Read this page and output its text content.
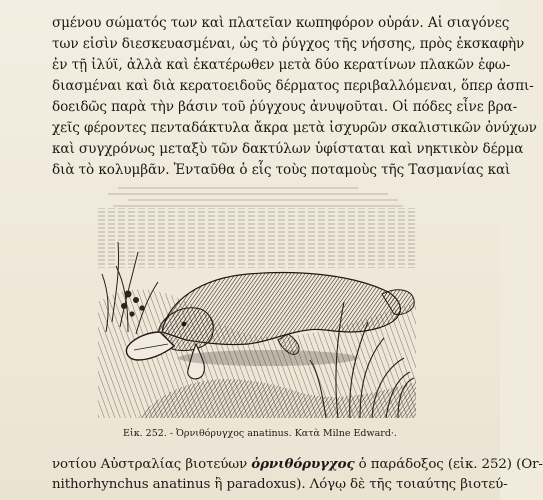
σμένου σώματός των καὶ πλατεῖαν κωπηφόρον οὐράν. Αἱ σιαγόνες
των εἰσὶν διεσκευασμέναι, ὡς τὸ ῥύγχος τῆς νήσσης, πρὸς ἐκσκαφὴν
ἐν τῇ ἰλύϊ, ἀλλὰ καὶ ἑκατέρωθεν μετὰ δύο κερατίνων πλακῶν ἐφω-
διασμέναι καὶ διὰ κερατοειδοῦς δέρματος περιβαλλόμεναι, ὅπερ ἀσπι-
δοειδῶς παρὰ τὴν βάσιν τοῦ ῥύγχους ἀνυψοῦται. Οἱ πόδες εἶνε βρα-
χεῖς φέροντες πενταδάκτυλα ἄκρα μετὰ ἰσχυρῶν σκαλιστικῶν ὀνύχων
καὶ συγχρόνως μεταξὺ τῶν δακτύλων ὑφίσταται καὶ νηκτικὸν δέρμα
διὰ τὸ κολυμβᾶν. Ἐνταῦθα ὁ εἷς τοὺς ποταμοὺς τῆς Τασμανίας καὶ
Εἰκ. 252. - Ὀρνιθόρυγχος anatinus. Κατὰ Milne Edward·.
νοτίου Αὐστραλίας βιοτεύων ὀρνιθόρυγχος ὁ παράδοξος (εἰκ. 252) (Or-
nithorhynchus anatinus ἢ paradoxus). Λόγῳ δὲ τῆς τοιαύτης βιοτεύ-
